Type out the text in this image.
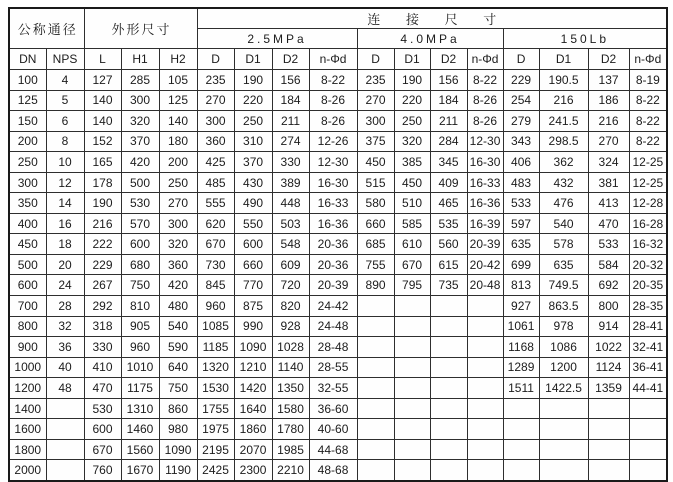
公称通径		外形尺寸			连 接 尺 寸											
					2.5MPa				4.0MPa				150Lb			
DN	NPS	L	H1	H2	D	D1	D2	n-Φd	D	D1	D2	n-Φd	D	D1	D2	n-Φd
100	4	127	285	105	235	190	156	8-22	235	190	156	8-22	229	190.5	137	8-19
125	5	140	300	125	270	220	184	8-26	270	220	184	8-26	254	216	186	8-22
150	6	140	320	140	300	250	211	8-26	300	250	211	8-26	279	241.5	216	8-22
200	8	152	370	180	360	310	274	12-26	375	320	284	12-30	343	298.5	270	8-22
250	10	165	420	200	425	370	330	12-30	450	385	345	16-30	406	362	324	12-25
300	12	178	500	250	485	430	389	16-30	515	450	409	16-33	483	432	381	12-25
350	14	190	530	270	555	490	448	16-33	580	510	465	16-36	533	476	413	12-28
400	16	216	570	300	620	550	503	16-36	660	585	535	16-39	597	540	470	16-28
450	18	222	600	320	670	600	548	20-36	685	610	560	20-39	635	578	533	16-32
500	20	229	680	360	730	660	609	20-36	755	670	615	20-42	699	635	584	20-32
600	24	267	750	420	845	770	720	20-39	890	795	735	20-48	813	749.5	692	20-35
700	28	292	810	480	960	875	820	24-42					927	863.5	800	28-35
800	32	318	905	540	1085	990	928	24-48					1061	978	914	28-41
900	36	330	960	590	1185	1090	1028	28-48					1168	1086	1022	32-41
1000	40	410	1010	640	1320	1210	1140	28-55					1289	1200	1124	36-41
1200	48	470	1175	750	1530	1420	1350	32-55					1511	1422.5	1359	44-41
1400		530	1310	860	1755	1640	1580	36-60								
1600		600	1460	980	1975	1860	1780	40-60								
1800		670	1560	1090	2195	2070	1985	44-68								
2000		760	1670	1190	2425	2300	2210	48-68								
